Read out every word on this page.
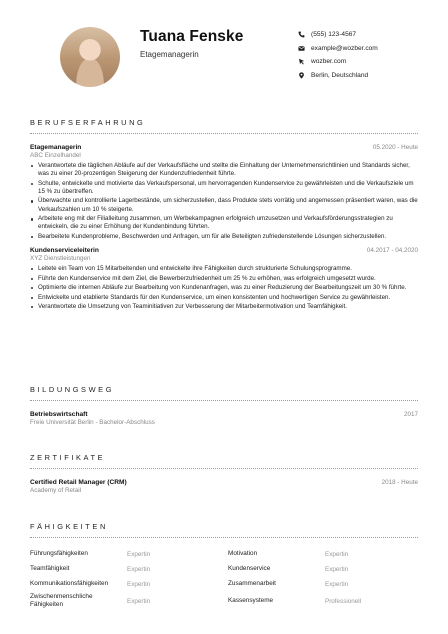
Tuana Fenske
Etagemanagerin
(555) 123-4567
example@wozber.com
wozber.com
Berlin, Deutschland
BERUFSERFAHRUNG
Etagemanagerin	05.2020 - Heute
ABC Einzelhandel
Verantwortete die täglichen Abläufe auf der Verkaufsfläche und stellte die Einhaltung der Unternehmensrichtlinien und Standards sicher, was zu einer 20-prozentigen Steigerung der Kundenzufriedenheit führte.
Schulte, entwickelte und motivierte das Verkaufspersonal, um hervorragenden Kundenservice zu gewährleisten und die Verkaufsziele um 15 % zu übertreffen.
Überwachte und kontrollierte Lagerbestände, um sicherzustellen, dass Produkte stets vorrätig und angemessen präsentiert waren, was die Verkaufszahlen um 10 % steigerte.
Arbeitete eng mit der Filialleitung zusammen, um Werbekampagnen erfolgreich umzusetzen und Verkaufsförderungsstrategien zu entwickeln, die zu einer Erhöhung der Kundenbindung führten.
Bearbeitete Kundenprobleme, Beschwerden und Anfragen, um für alle Beteiligten zufriedenstellende Lösungen sicherzustellen.
Kundenserviceleiterin	04.2017 - 04.2020
XYZ Dienstleistungen
Leitete ein Team von 15 Mitarbeitenden und entwickelte ihre Fähigkeiten durch strukturierte Schulungsprogramme.
Führte den Kundenservice mit dem Ziel, die Bewerberzufriedenheit um 25 % zu erhöhen, was erfolgreich umgesetzt wurde.
Optimierte die internen Abläufe zur Bearbeitung von Kundenanfragen, was zu einer Reduzierung der Bearbeitungszeit um 30 % führte.
Entwickelte und etablierte Standards für den Kundenservice, um einen konsistenten und hochwertigen Service zu gewährleisten.
Verantwortete die Umsetzung von Teaminitiativen zur Verbesserung der Mitarbeitermotivation und Teamfähigkeit.
BILDUNGSWEG
Betriebswirtschaft	2017
Freie Universität Berlin - Bachelor-Abschluss
ZERTIFIKATE
Certified Retail Manager (CRM)	2018 - Heute
Academy of Retail
FÄHIGKEITEN
Führungsfähigkeiten	Expertin	Motivation	Expertin
Teamfähigkeit	Expertin	Kundenservice	Expertin
Kommunikationsfähigkeiten	Expertin	Zusammenarbeit	Expertin
Zwischenmenschliche Fähigkeiten	Expertin	Kassensysteme	Professionell
